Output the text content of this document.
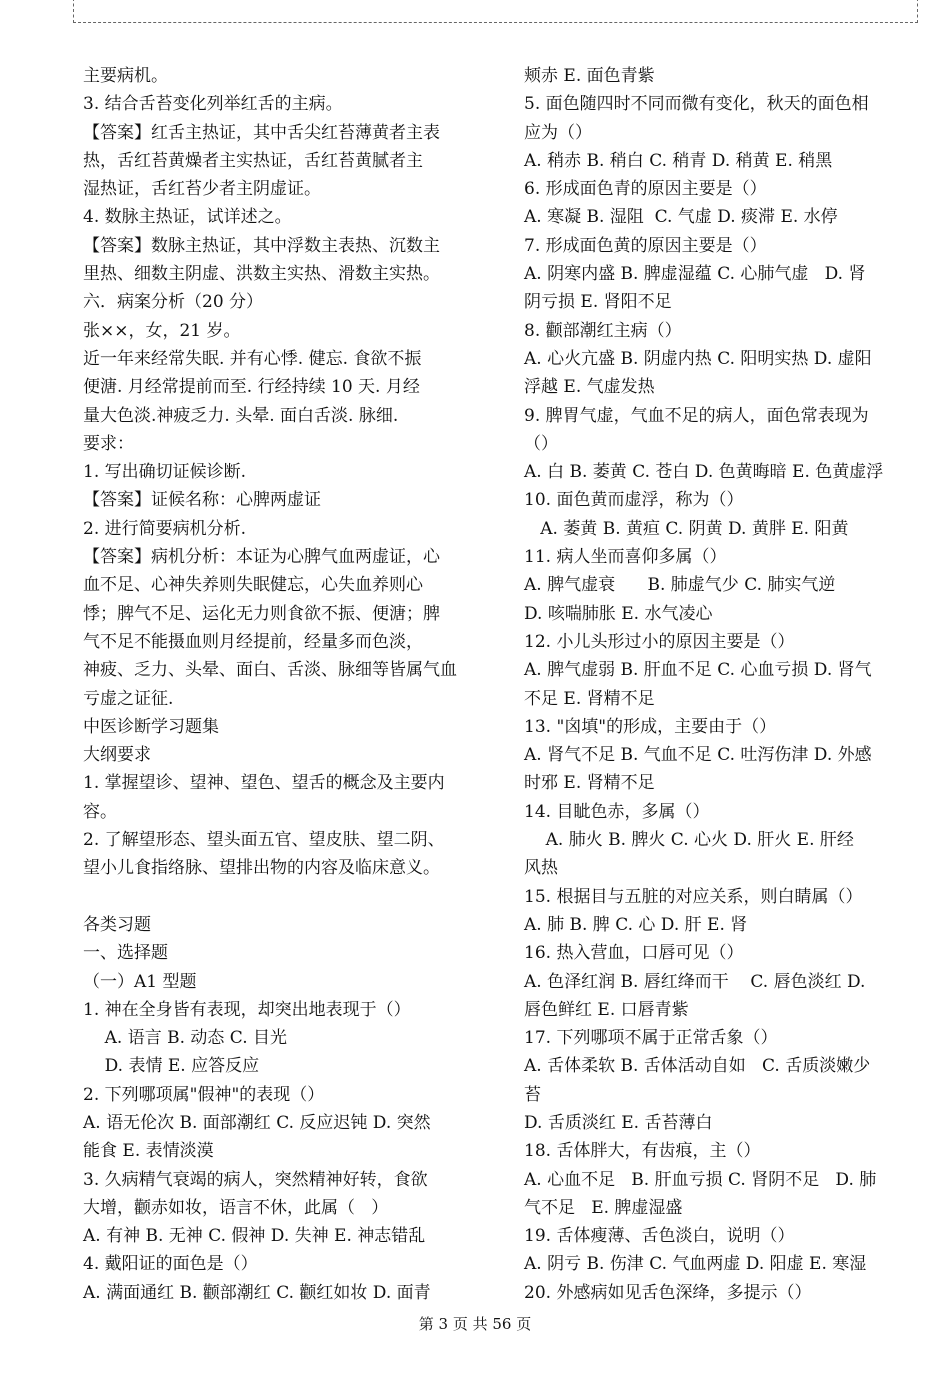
主要病机。
3. 结合舌苔变化列举红舌的主病。
【答案】红舌主热证，其中舌尖红苔薄黄者主表
热，舌红苔黄燥者主实热证，舌红苔黄腻者主
湿热证，舌红苔少者主阴虚证。
4. 数脉主热证，试详述之。
【答案】数脉主热证，其中浮数主表热、沉数主
里热、细数主阴虚、洪数主实热、滑数主实热。
六．病案分析（20 分）
张××，女，21 岁。
近一年来经常失眠. 并有心悸. 健忘. 食欲不振
便溏. 月经常提前而至. 行经持续 10 天. 月经
量大色淡.神疲乏力. 头晕. 面白舌淡. 脉细.
要求：
1. 写出确切证候诊断.
【答案】证候名称：心脾两虚证
2. 进行简要病机分析.
【答案】病机分析：本证为心脾气血两虚证，心
血不足、心神失养则失眠健忘，心失血养则心
悸；脾气不足、运化无力则食欲不振、便溏；脾
气不足不能摄血则月经提前，经量多而色淡，
神疲、乏力、头晕、面白、舌淡、脉细等皆属气血
亏虚之证征.
中医诊断学习题集
大纲要求
1. 掌握望诊、望神、望色、望舌的概念及主要内
容。
2. 了解望形态、望头面五官、望皮肤、望二阴、
望小儿食指络脉、望排出物的内容及临床意义。
各类习题
一、选择题
（一）A1 型题
1. 神在全身皆有表现，却突出地表现于（）
A. 语言 B. 动态 C. 目光
D. 表情 E. 应答反应
2. 下列哪项属"假神"的表现（）
A. 语无伦次 B. 面部潮红 C. 反应迟钝 D. 突然
能食 E. 表情淡漠
3. 久病精气衰竭的病人，突然精神好转，食欲
大增，颧赤如妆，语言不休，此属（   ）
A. 有神 B. 无神 C. 假神 D. 失神 E. 神志错乱
4. 戴阳证的面色是（）
A. 满面通红 B. 颧部潮红 C. 颧红如妆 D. 面青
颊赤 E. 面色青紫
5. 面色随四时不同而微有变化，秋天的面色相
应为（）
A. 稍赤 B. 稍白 C. 稍青 D. 稍黄 E. 稍黑
6. 形成面色青的原因主要是（）
A. 寒凝 B. 湿阻  C. 气虚 D. 痰滞 E. 水停
7. 形成面色黄的原因主要是（）
A. 阴寒内盛 B. 脾虚湿蕴 C. 心肺气虚   D. 肾
阴亏损 E. 肾阳不足
8. 颧部潮红主病（）
A. 心火亢盛 B. 阴虚内热 C. 阳明实热 D. 虚阳
浮越 E. 气虚发热
9. 脾胃气虚，气血不足的病人，面色常表现为
（）
A. 白 B. 萎黄 C. 苍白 D. 色黄晦暗 E. 色黄虚浮
10. 面色黄而虚浮，称为（）
A. 萎黄 B. 黄疸 C. 阴黄 D. 黄胖 E. 阳黄
11. 病人坐而喜仰多属（）
A. 脾气虚衰      B. 肺虚气少 C. 肺实气逆
D. 咳喘肺胀 E. 水气凌心
12. 小儿头形过小的原因主要是（）
A. 脾气虚弱 B. 肝血不足 C. 心血亏损 D. 肾气
不足 E. 肾精不足
13. "囟填"的形成，主要由于（）
A. 肾气不足 B. 气血不足 C. 吐泻伤津 D. 外感
时邪 E. 肾精不足
14. 目眦色赤，多属（）
A. 肺火 B. 脾火 C. 心火 D. 肝火 E. 肝经
风热
15. 根据目与五脏的对应关系，则白睛属（）
A. 肺 B. 脾 C. 心 D. 肝 E. 肾
16. 热入营血，口唇可见（）
A. 色泽红润 B. 唇红绛而干    C. 唇色淡红 D.
唇色鲜红 E. 口唇青紫
17. 下列哪项不属于正常舌象（）
A. 舌体柔软 B. 舌体活动自如   C. 舌质淡嫩少
苔
D. 舌质淡红 E. 舌苔薄白
18. 舌体胖大，有齿痕，主（）
A. 心血不足   B. 肝血亏损 C. 肾阴不足   D. 肺
气不足   E. 脾虚湿盛
19. 舌体瘦薄、舌色淡白，说明（）
A. 阴亏 B. 伤津 C. 气血两虚 D. 阳虚 E. 寒湿
20. 外感病如见舌色深绛，多提示（）
第 3 页 共 56 页
